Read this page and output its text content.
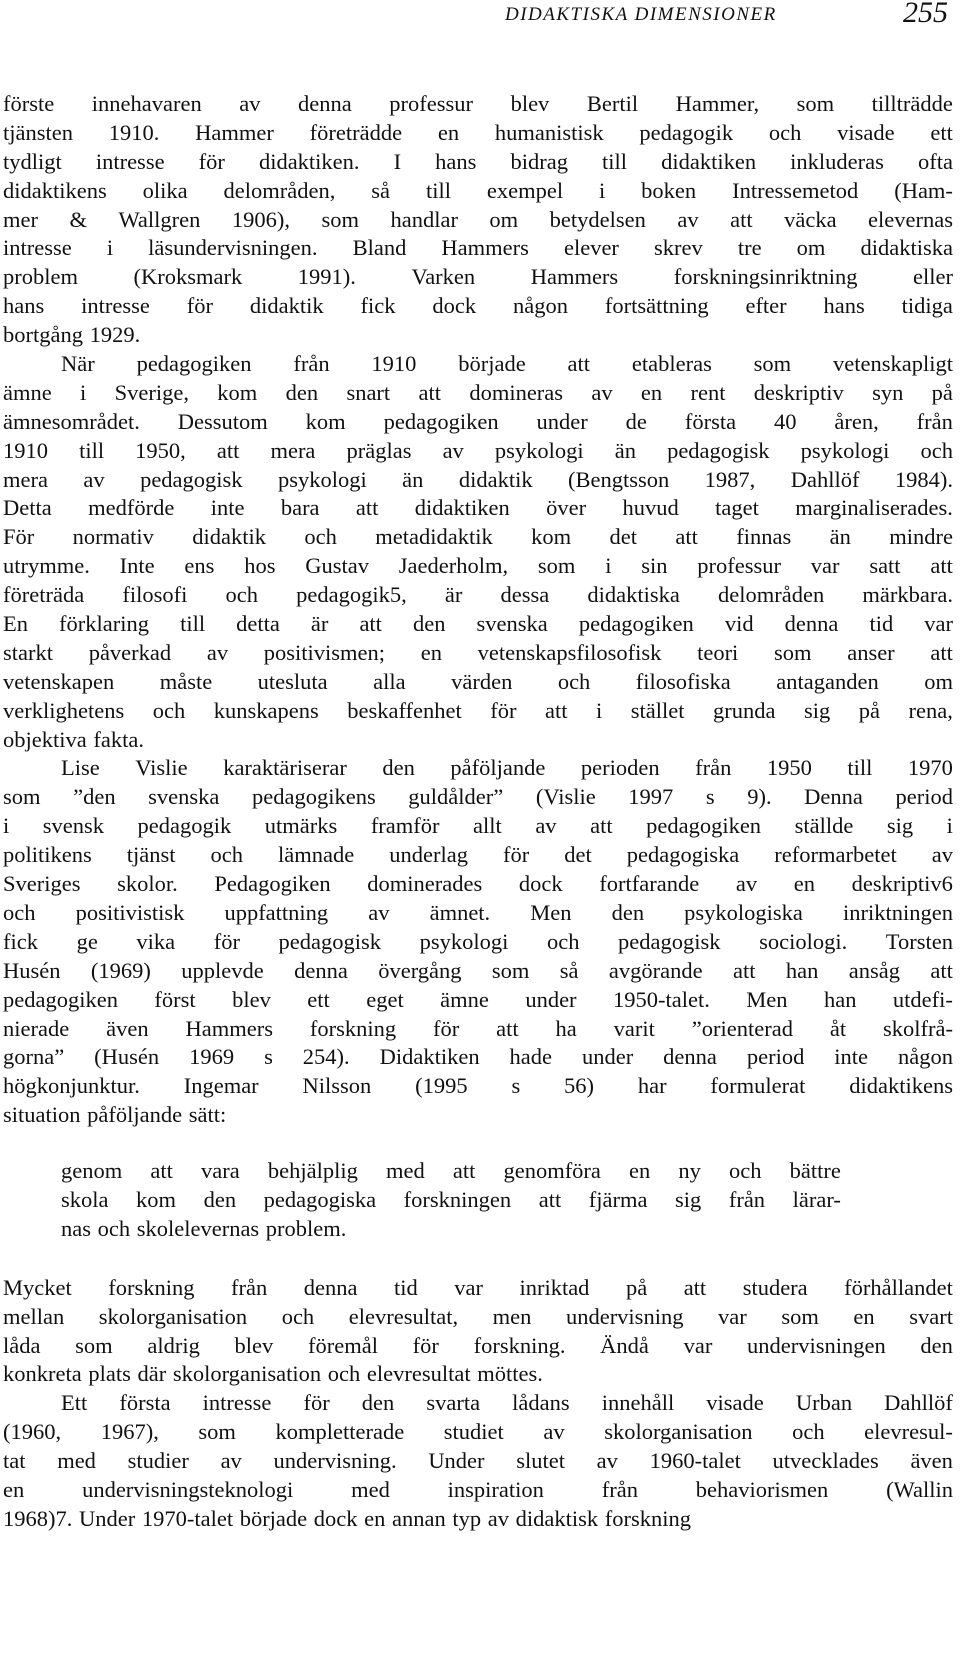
DIDAKTISKA DIMENSIONER	255
förste innehavaren av denna professur blev Bertil Hammer, som tillträdde
tjänsten 1910. Hammer företrädde en humanistisk pedagogik och visade ett
tydligt intresse för didaktiken. I hans bidrag till didaktiken inkluderas ofta
didaktikens olika delområden, så till exempel i boken Intressemetod (Ham-
mer & Wallgren 1906), som handlar om betydelsen av att väcka elevernas
intresse i läsundervisningen. Bland Hammers elever skrev tre om didaktiska
problem (Kroksmark 1991). Varken Hammers forskningsinriktning eller
hans intresse för didaktik fick dock någon fortsättning efter hans tidiga
bortgång 1929.
När pedagogiken från 1910 började att etableras som vetenskapligt
ämne i Sverige, kom den snart att domineras av en rent deskriptiv syn på
ämnesområdet. Dessutom kom pedagogiken under de första 40 åren, från
1910 till 1950, att mera präglas av psykologi än pedagogisk psykologi och
mera av pedagogisk psykologi än didaktik (Bengtsson 1987, Dahllöf 1984).
Detta medförde inte bara att didaktiken över huvud taget marginaliserades.
För normativ didaktik och metadidaktik kom det att finnas än mindre
utrymme. Inte ens hos Gustav Jaederholm, som i sin professur var satt att
företräda filosofi och pedagogik5, är dessa didaktiska delområden märkbara.
En förklaring till detta är att den svenska pedagogiken vid denna tid var
starkt påverkad av positivismen; en vetenskapsfilosofisk teori som anser att
vetenskapen måste utesluta alla värden och filosofiska antaganden om
verklighetens och kunskapens beskaffenhet för att i stället grunda sig på rena,
objektiva fakta.
Lise Vislie karaktäriserar den påföljande perioden från 1950 till 1970
som ”den svenska pedagogikens guldålder” (Vislie 1997 s 9). Denna period
i svensk pedagogik utmärks framför allt av att pedagogiken ställde sig i
politikens tjänst och lämnade underlag för det pedagogiska reformarbetet av
Sveriges skolor. Pedagogiken dominerades dock fortfarande av en deskriptiv6
och positivistisk uppfattning av ämnet. Men den psykologiska inriktningen
fick ge vika för pedagogisk psykologi och pedagogisk sociologi. Torsten
Husén (1969) upplevde denna övergång som så avgörande att han ansåg att
pedagogiken först blev ett eget ämne under 1950-talet. Men han utdefi-
nierade även Hammers forskning för att ha varit ”orienterad åt skolfrå-
gorna” (Husén 1969 s 254). Didaktiken hade under denna period inte någon
högkonjunktur. Ingemar Nilsson (1995 s 56) har formulerat didaktikens
situation påföljande sätt:
genom att vara behjälplig med att genomföra en ny och bättre
skola kom den pedagogiska forskningen att fjärma sig från lärar-
nas och skolelevernas problem.
Mycket forskning från denna tid var inriktad på att studera förhållandet
mellan skolorganisation och elevresultat, men undervisning var som en svart
låda som aldrig blev föremål för forskning. Ändå var undervisningen den
konkreta plats där skolorganisation och elevresultat möttes.
Ett första intresse för den svarta lådans innehåll visade Urban Dahllöf
(1960, 1967), som kompletterade studiet av skolorganisation och elevresul-
tat med studier av undervisning. Under slutet av 1960-talet utvecklades även
en	undervisningsteknologi	med	inspiration	från	behaviorismen	(Wallin
1968)7. Under 1970-talet började dock en annan typ av didaktisk forskning
